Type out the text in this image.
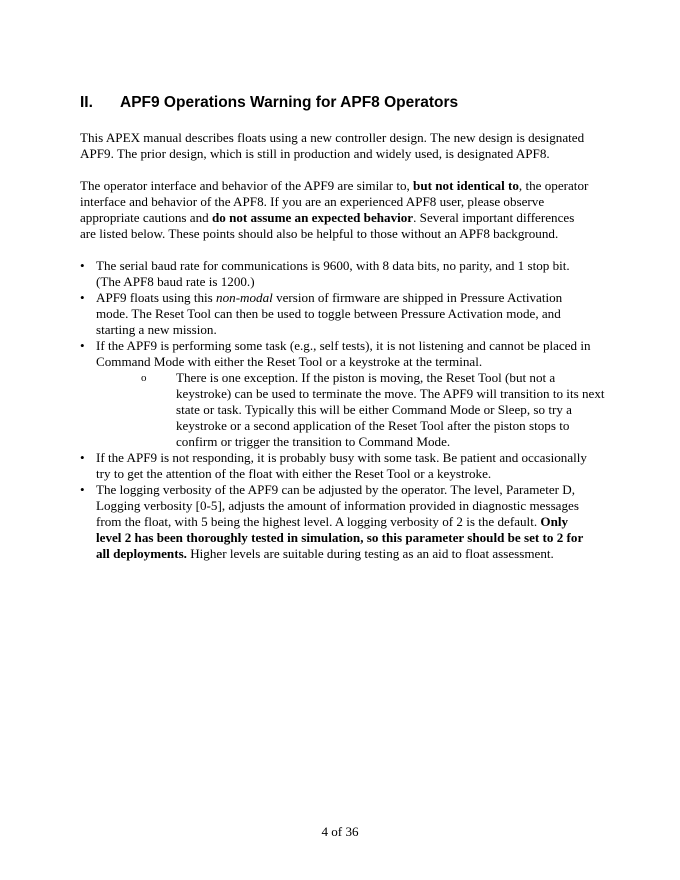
II. APF9 Operations Warning for APF8 Operators
This APEX manual describes floats using a new controller design. The new design is designated
APF9. The prior design, which is still in production and widely used, is designated APF8.
The operator interface and behavior of the APF9 are similar to, but not identical to, the operator
interface and behavior of the APF8. If you are an experienced APF8 user, please observe
appropriate cautions and do not assume an expected behavior. Several important differences
are listed below. These points should also be helpful to those without an APF8 background.
• The serial baud rate for communications is 9600, with 8 data bits, no parity, and 1 stop bit.
(The APF8 baud rate is 1200.)
• APF9 floats using this non-modal version of firmware are shipped in Pressure Activation
mode. The Reset Tool can then be used to toggle between Pressure Activation mode, and
starting a new mission.
• If the APF9 is performing some task (e.g., self tests), it is not listening and cannot be placed in
Command Mode with either the Reset Tool or a keystroke at the terminal.
o There is one exception. If the piston is moving, the Reset Tool (but not a
keystroke) can be used to terminate the move. The APF9 will transition to its next
state or task. Typically this will be either Command Mode or Sleep, so try a
keystroke or a second application of the Reset Tool after the piston stops to
confirm or trigger the transition to Command Mode.
• If the APF9 is not responding, it is probably busy with some task. Be patient and occasionally
try to get the attention of the float with either the Reset Tool or a keystroke.
• The logging verbosity of the APF9 can be adjusted by the operator. The level, Parameter D,
Logging verbosity [0-5], adjusts the amount of information provided in diagnostic messages
from the float, with 5 being the highest level. A logging verbosity of 2 is the default. Only
level 2 has been thoroughly tested in simulation, so this parameter should be set to 2 for
all deployments. Higher levels are suitable during testing as an aid to float assessment.
4 of 36
